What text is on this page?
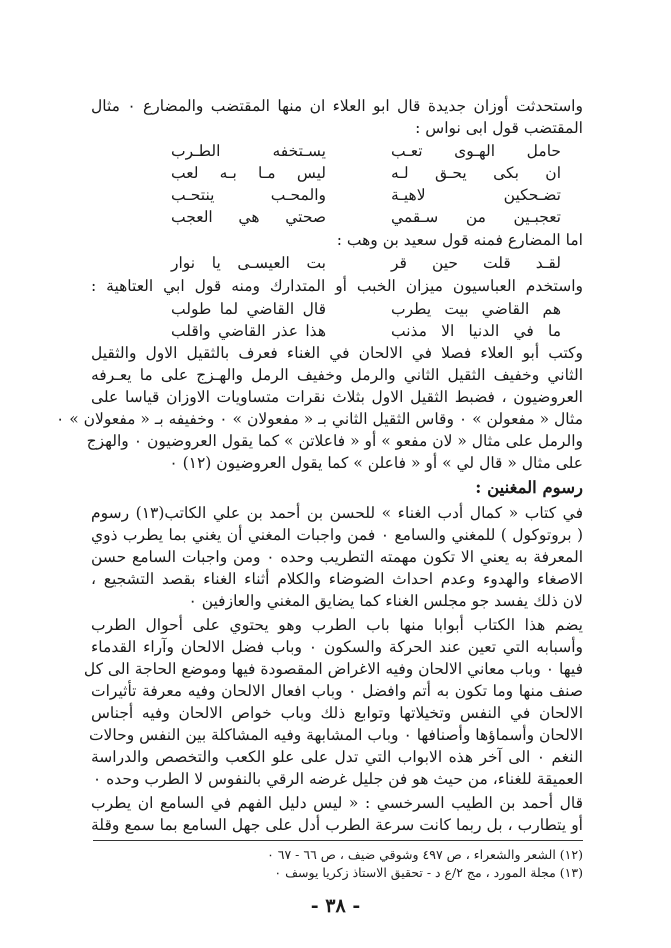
واستحدثت أوزان جديدة قال ابو العلاء ان منها المقتضب والمضارع ٠ مثال
المقتضب قول ابى نواس :
حامل الهـوى تعـب
يسـتخفه الطـرب
ان بكى يحـق لـه
ليس مـا بـه لعب
تضـحكين لاهيـة
والمحـب ينتحـب
تعجبـين من سـقمي
صحتي هي العجب
اما المضارع فمنه قول سعيد بن وهب :
لقـد قلت حين قر
بت العيسـى يا نوار
واستخدم العباسيون ميزان الخبب أو المتدارك ومنه قول ابي العتاهية :
هم القاضي بيت يطرب
قال القاضي لما طولب
ما في الدنيا الا مذنب
هذا عذر القاضي واقلب
وكتب أبو العلاء فصلا في الالحان في الغناء فعرف بالثقيل الاول والثقيل
الثاني وخفيف الثقيل الثاني والرمل وخفيف الرمل والهـزج على ما يعـرفه
العروضيون ، فضبط الثقيل الاول بثلاث نقرات متساويات الاوزان قياسا على
مثال « مفعولن » ٠ وقاس الثقيل الثاني بـ « مفعولان » ٠ وخفيفه بـ « مفعولان » ٠
والرمل على مثال « لان مفعو » أو « فاعلاتن » كما يقول العروضيون ٠ والهزج
على مثال « قال لي » أو « فاعلن » كما يقول العروضيون (١٢) ٠
رسوم المغنين :
في كتاب « كمال أدب الغناء » للحسن بن أحمد بن علي الكاتب(١٣) رسوم
( بروتوكول ) للمغني والسامع ٠ فمن واجبات المغني أن يغني بما يطرب ذوي
المعرفة به يعني الا تكون مهمته التطريب وحده ٠ ومن واجبات السامع حسن
الاصغاء والهدوء وعدم احداث الضوضاء والكلام أثناء الغناء بقصد التشجيع ،
لان ذلك يفسد جو مجلس الغناء كما يضايق المغني والعازفين ٠
يضم هذا الكتاب أبوابا منها باب الطرب وهو يحتوي على أحوال الطرب
وأسبابه التي تعين عند الحركة والسكون ٠ وباب فضل الالحان وآراء القدماء
فيها ٠ وباب معاني الالحان وفيه الاغراض المقصودة فيها وموضع الحاجة الى كل
صنف منها وما تكون به أتم وافضل ٠ وباب افعال الالحان وفيه معرفة تأثيرات
الالحان في النفس وتخيلاتها وتوابع ذلك وباب خواص الالحان وفيه أجناس
الالحان وأسماؤها وأصنافها ٠ وباب المشابهة وفيه المشاكلة بين النفس وحالات
النغم ٠ الى آخر هذه الابواب التي تدل على علو الكعب والتخصص والدراسة
العميقة للغناء، من حيث هو فن جليل غرضه الرقي بالنفوس لا الطرب وحده ٠
قال أحمد بن الطيب السرخسي : « ليس دليل الفهم في السامع ان يطرب
أو يتطارب ، بل ربما كانت سرعة الطرب أدل على جهل السامع بما سمع وقلة
(١٢) الشعر والشعراء ، ص ٤٩٧ وشوقي ضيف ، ص ٦٦ - ٦٧ ٠
(١٣) مجلة المورد ، مج ٢/ع د - تحقيق الاستاذ زكريا يوسف ٠
- ٣٨ -
